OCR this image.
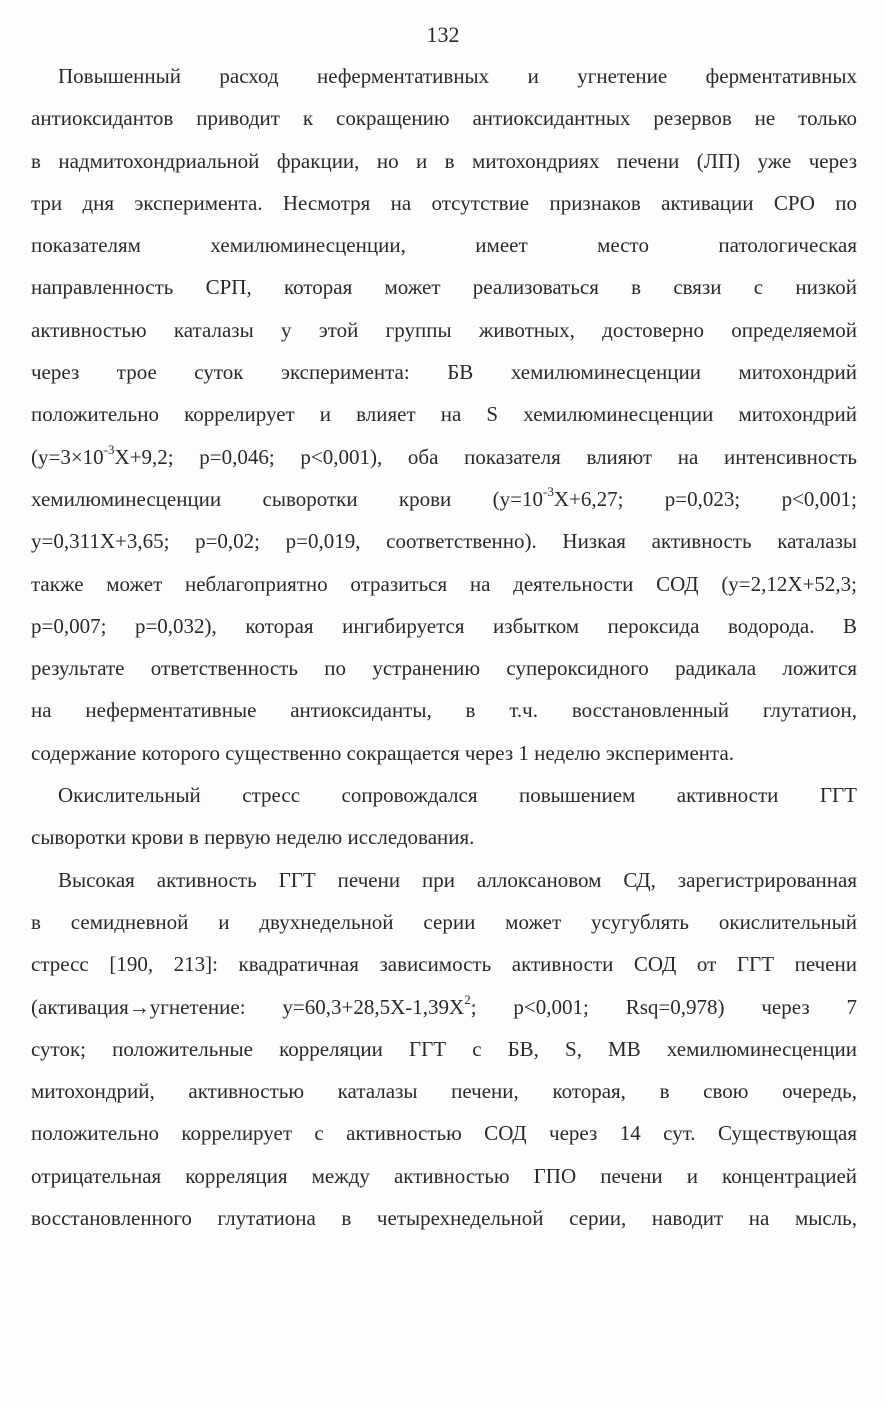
132
Повышенный расход неферментативных и угнетение ферментативных
антиоксидантов приводит к сокращению антиоксидантных резервов не только
в надмитохондриальной фракции, но и в митохондриях печени (ЛП) уже через
три дня эксперимента. Несмотря на отсутствие признаков активации СРО по
показателям хемилюминесценции, имеет место патологическая
направленность СРП, которая может реализоваться в связи с низкой
активностью каталазы у этой группы животных, достоверно определяемой
через трое суток эксперимента: БВ хемилюминесценции митохондрий
положительно коррелирует и влияет на S хемилюминесценции митохондрий
($y=3\times 10^{-3}X+9,2$; p=0,046; p<0,001), оба показателя влияют на интенсивность
хемилюминесценции сыворотки крови ($y=10^{-3}X+6,27$; p=0,023; p<0,001;
y=0,311X+3,65; p=0,02; p=0,019, соответственно). Низкая активность каталазы
также может неблагоприятно отразиться на деятельности СОД (y=2,12X+52,3;
p=0,007; p=0,032), которая ингибируется избытком пероксида водорода. В
результате ответственность по устранению супероксидного радикала ложится
на неферментативные антиоксиданты, в т.ч. восстановленный глутатион,
содержание которого существенно сокращается через 1 неделю эксперимента.
Окислительный стресс сопровождался повышением активности ГГТ
сыворотки крови в первую неделю исследования.
Высокая активность ГГТ печени при аллоксановом СД, зарегистрированная
в семидневной и двухнедельной серии может усугублять окислительный
стресс [190, 213]: квадратичная зависимость активности СОД от ГГТ печени
(активация→угнетение: $y=60,3+28,5X-1,39X^2$; p<0,001; Rsq=0,978) через 7
суток; положительные корреляции ГГТ с БВ, S, МВ хемилюминесценции
митохондрий, активностью каталазы печени, которая, в свою очередь,
положительно коррелирует с активностью СОД через 14 сут. Существующая
отрицательная корреляция между активностью ГПО печени и концентрацией
восстановленного глутатиона в четырехнедельной серии, наводит на мысль,
